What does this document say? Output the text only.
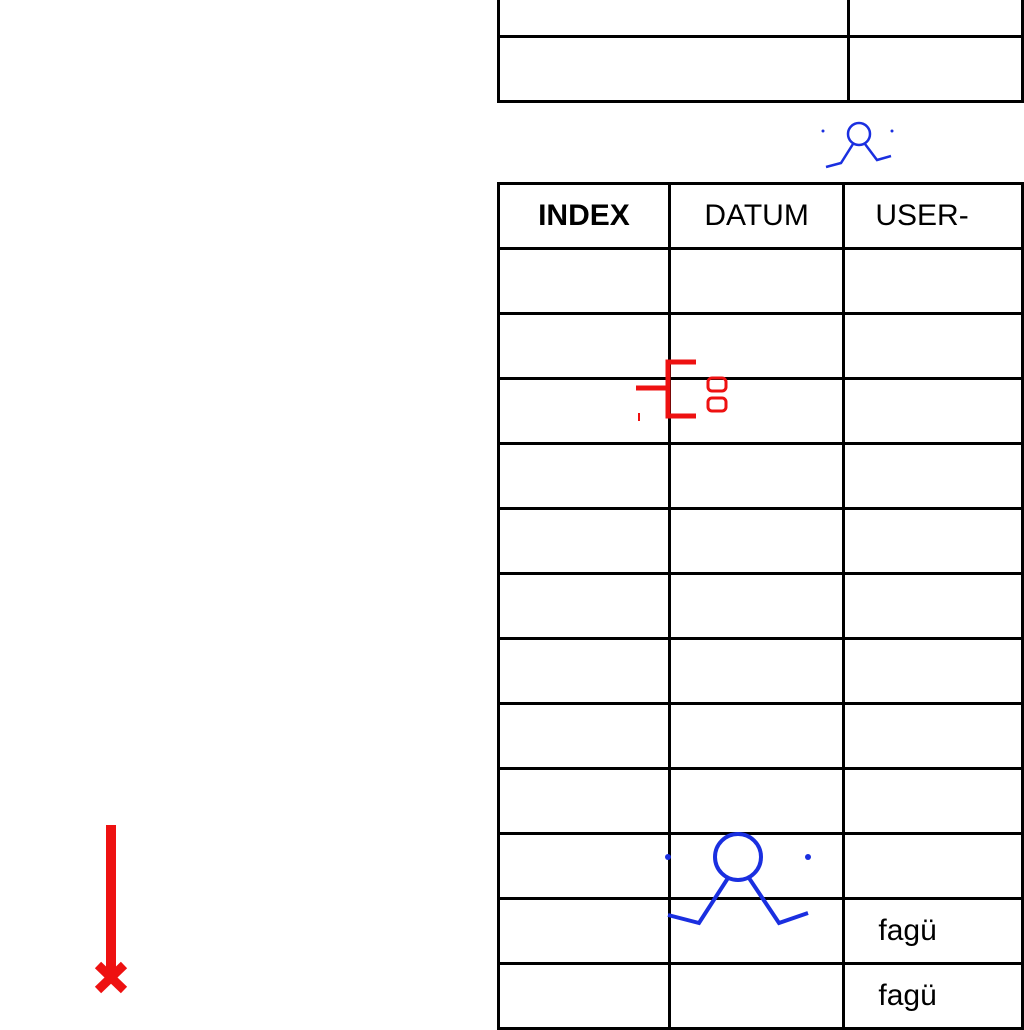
INDEX	DATUM	USER-

		fagü
		fagü
